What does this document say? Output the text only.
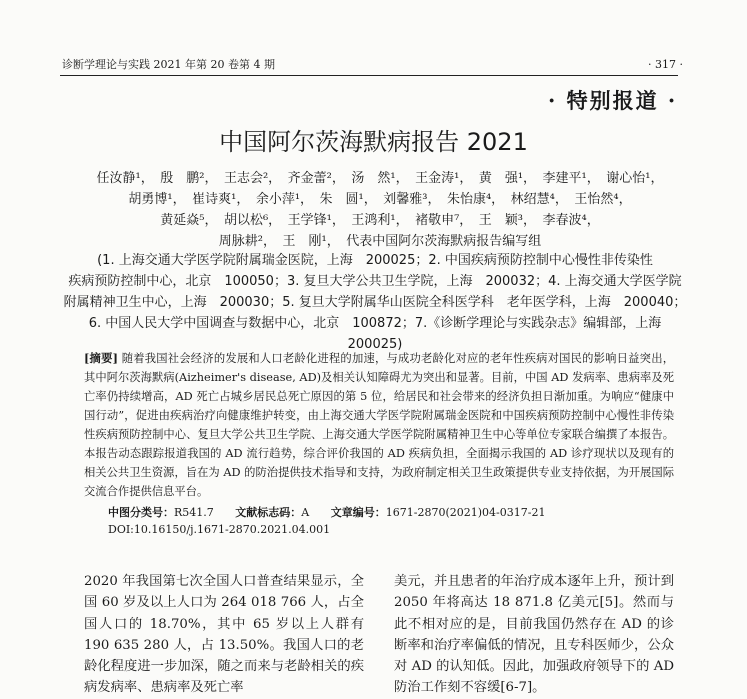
诊断学理论与实践 2021 年第 20 卷第 4 期	· 317 ·
· 特别报道 ·
中国阿尔茨海默病报告 2021
任汝静¹，　殷　鹏²，　王志会²，　齐金蕾²，　汤　然¹，　王金涛¹，　黄　强¹，　李建平¹，　谢心怡¹，
胡勇博¹，　崔诗爽¹，　余小萍¹，　朱　圆¹，　刘馨雅³，　朱怡康⁴，　林绍慧⁴，　王怡然⁴，
黄延焱⁵，　胡以松⁶，　王学锋¹，　王鸿利¹，　褚敬申⁷，　王　颖³，　李春波⁴，
周脉耕²，　王　刚¹，　代表中国阿尔茨海默病报告编写组
(1. 上海交通大学医学院附属瑞金医院，上海　200025；2. 中国疾病预防控制中心慢性非传染性
疾病预防控制中心，北京　100050；3. 复旦大学公共卫生学院，上海　200032；4. 上海交通大学医学院
附属精神卫生中心，上海　200030；5. 复旦大学附属华山医院全科医学科　老年医学科，上海　200040；
6. 中国人民大学中国调查与数据中心，北京　100872；7.《诊断学理论与实践杂志》编辑部，上海　200025)
[摘要] 随着我国社会经济的发展和人口老龄化进程的加速，与成功老龄化对应的老年性疾病对国民的影响日益突出，其中阿尔茨海默病(Aizheimer's disease, AD)及相关认知障碍尤为突出和显著。目前，中国 AD 发病率、患病率及死亡率仍持续增高，AD 死亡占城乡居民总死亡原因的第 5 位，给居民和社会带来的经济负担日渐加重。为响应“健康中国行动”，促进由疾病治疗向健康维护转变，由上海交通大学医学院附属瑞金医院和中国疾病预防控制中心慢性非传染性疾病预防控制中心、复旦大学公共卫生学院、上海交通大学医学院附属精神卫生中心等单位专家联合编撰了本报告。本报告动态跟踪报道我国的 AD 流行趋势，综合评价我国的 AD 疾病负担，全面揭示我国的 AD 诊疗现状以及现有的相关公共卫生资源，旨在为 AD 的防治提供技术指导和支持，为政府制定相关卫生政策提供专业支持依据，为开展国际交流合作提供信息平台。
中图分类号：R541.7 文献标志码：A 文章编号：1671-2870(2021)04-0317-21
DOI:10.16150/j.1671-2870.2021.04.001
2020 年我国第七次全国人口普查结果显示，全国 60 岁及以上人口为 264 018 766 人，占全国人口的 18.70%，其中 65 岁以上人群有 190 635 280 人，占 13.50%。我国人口的老龄化程度进一步加深，随之而来与老龄相关的疾病发病率、患病率及死亡率
美元，并且患者的年治疗成本逐年上升，预计到 2050 年将高达 18 871.8 亿美元[5]。然而与此不相对应的是，目前我国仍然存在 AD 的诊断率和治疗率偏低的情况，且专科医师少，公众对 AD 的认知低。因此，加强政府领导下的 AD 防治工作刻不容缓[6-7]。
